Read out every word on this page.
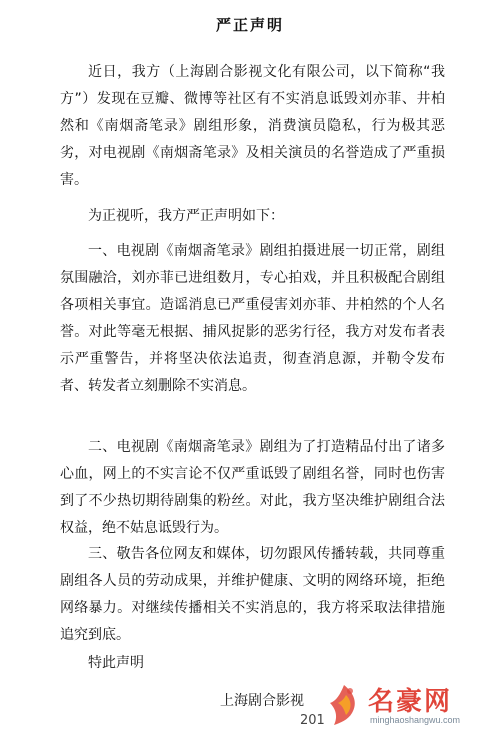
严正声明
近日，我方（上海剧合影视文化有限公司，以下简称“我方”）发现在豆瓣、微博等社区有不实消息诋毁刘亦菲、井柏然和《南烟斋笔录》剧组形象，消费演员隐私，行为极其恶劣，对电视剧《南烟斋笔录》及相关演员的名誉造成了严重损害。
为正视听，我方严正声明如下：
一、电视剧《南烟斋笔录》剧组拍摄进展一切正常，剧组氛围融洽，刘亦菲已进组数月，专心拍戏，并且积极配合剧组各项相关事宜。造谣消息已严重侵害刘亦菲、井柏然的个人名誉。对此等毫无根据、捕风捉影的恶劣行径，我方对发布者表示严重警告，并将坚决依法追责，彻查消息源，并勒令发布者、转发者立刻删除不实消息。
二、电视剧《南烟斋笔录》剧组为了打造精品付出了诸多心血，网上的不实言论不仅严重诋毁了剧组名誉，同时也伤害到了不少热切期待剧集的粉丝。对此，我方坚决维护剧组合法权益，绝不姑息诋毁行为。
三、敬告各位网友和媒体，切勿跟风传播转载，共同尊重剧组各人员的劳动成果，并维护健康、文明的网络环境，拒绝网络暴力。对继续传播相关不实消息的，我方将采取法律措施追究到底。
特此声明
上海剧合影视
201
名豪网
minghaoshangwu.com
